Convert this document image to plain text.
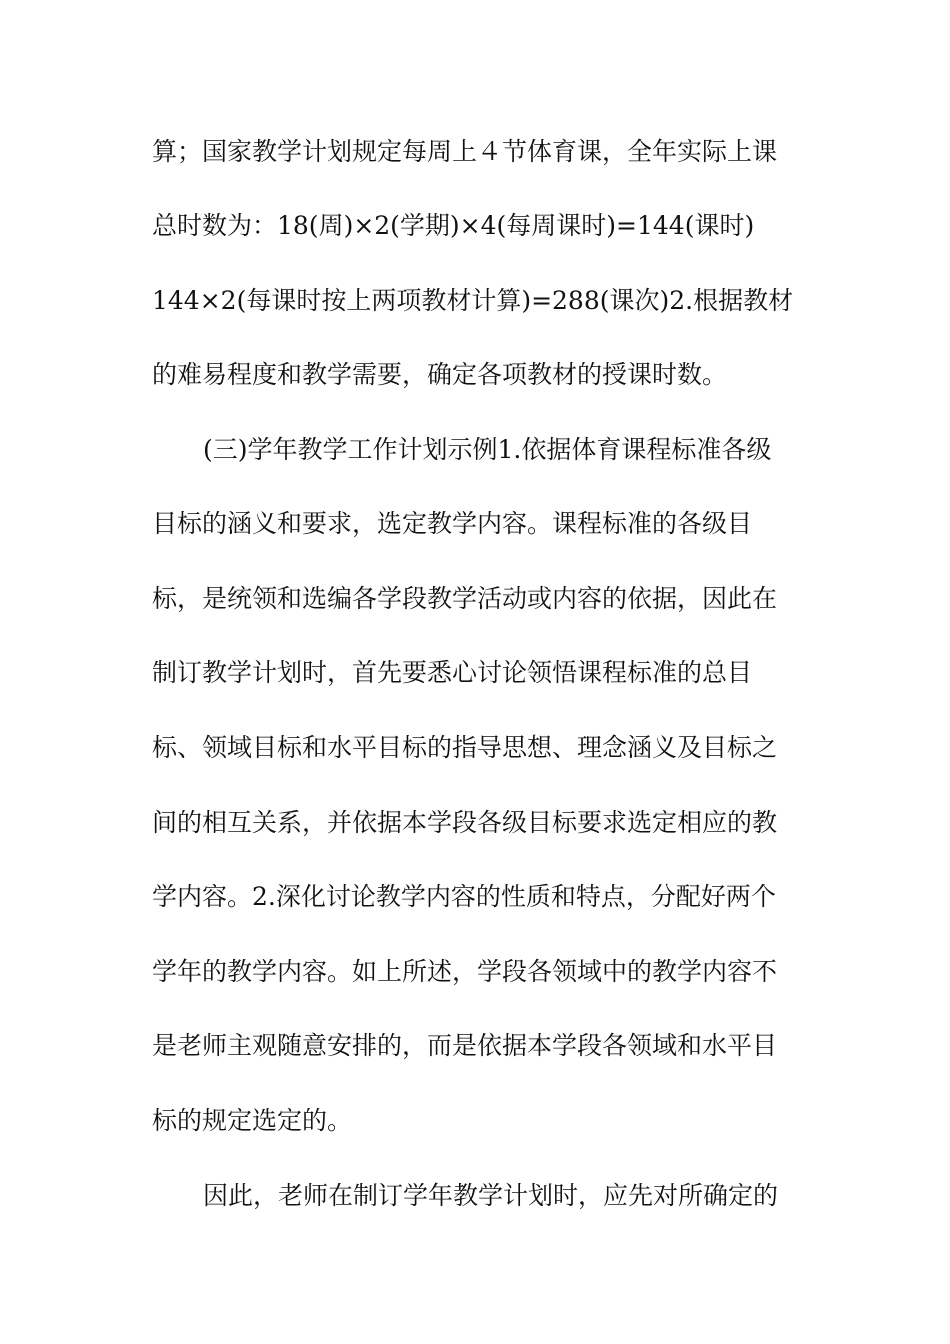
算；国家教学计划规定每周上４节体育课，全年实际上课
总时数为：18(周)×2(学期)×4(每周课时)=144(课时)
144×2(每课时按上两项教材计算)=288(课次)2.根据教材
的难易程度和教学需要，确定各项教材的授课时数。
(三)学年教学工作计划示例1.依据体育课程标准各级
目标的涵义和要求，选定教学内容。课程标准的各级目
标，是统领和选编各学段教学活动或内容的依据，因此在
制订教学计划时，首先要悉心讨论领悟课程标准的总目
标、领域目标和水平目标的指导思想、理念涵义及目标之
间的相互关系，并依据本学段各级目标要求选定相应的教
学内容。2.深化讨论教学内容的性质和特点，分配好两个
学年的教学内容。如上所述，学段各领域中的教学内容不
是老师主观随意安排的，而是依据本学段各领域和水平目
标的规定选定的。
因此，老师在制订学年教学计划时，应先对所确定的
